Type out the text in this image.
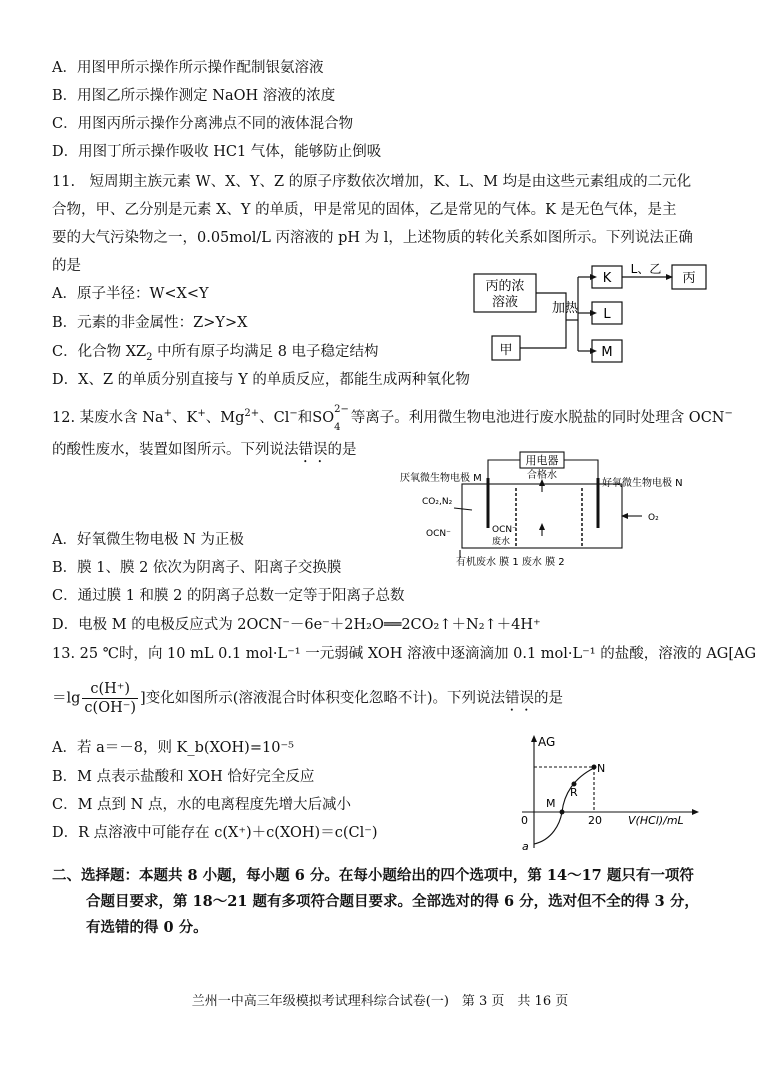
A．用图甲所示操作所示操作配制银氨溶液
B．用图乙所示操作测定 NaOH 溶液的浓度
C．用图丙所示操作分离沸点不同的液体混合物
D．用图丁所示操作吸收 HC1 气体，能够防止倒吸
11.　短周期主族元素 W、X、Y、Z 的原子序数依次增加，K、L、M 均是由这些元素组成的二元化
合物，甲、乙分别是元素 X、Y 的单质，甲是常见的固体，乙是常见的气体。K 是无色气体，是主
要的大气污染物之一，0.05mol/L 丙溶液的 pH 为 l，上述物质的转化关系如图所示。下列说法正确
的是
A．原子半径：W<X<Y
B．元素的非金属性：Z>Y>X
C．化合物 $XZ_2$ 中所有原子均满足 8 电子稳定结构
D．X、Z 的单质分别直接与 Y 的单质反应，都能生成两种氧化物
丙的浓
溶液
甲
加热
K
L
M
L、乙
丙
12. 某废水含 Na+、K+、$Mg^{2+}$、Cl−和SO
2−
4
等离子。利用微生物电池进行废水脱盐的同时处理含 OCN−
的酸性废水，装置如图所示。下列说法错误的是
用电器
厌氧微生物电极 M	好氧微生物电极 N
CO₂,N₂
OCN⁻	OCN⁻
废水
合格水
O₂
有机废水 膜 1 废水 膜 2
A．好氧微生物电极 N 为正极
B．膜 1、膜 2 依次为阴离子、阳离子交换膜
C．通过膜 1 和膜 2 的阴离子总数一定等于阳离子总数
D．电极 M 的电极反应式为 2OCN⁻－6e⁻＋2H₂O══2CO₂↑＋N₂↑＋4H⁺
13. 25 ℃时，向 10 mL 0.1 mol·L⁻¹ 一元弱碱 XOH 溶液中逐滴滴加 0.1 mol·L⁻¹ 的盐酸，溶液的 AG[AG
$=\lg \frac{c(H^+)}{c(OH^-)}$ ]变化如图所示(溶液混合时体积变化忽略不计)。下列说法错误的是
A．若 a＝－8，则 K_b(XOH)=10⁻⁵
B．M 点表示盐酸和 XOH 恰好完全反应
C．M 点到 N 点，水的电离程度先增大后减小
D．R 点溶液中可能存在 c(X⁺)＋c(XOH)＝c(Cl⁻)
AG
V(HCl)/mL
0	20
a
M
R
N
二、选择题：本题共 8 小题，每小题 6 分。在每小题给出的四个选项中，第 14～17 题只有一项符
合题目要求，第 18～21 题有多项符合题目要求。全部选对的得 6 分，选对但不全的得 3 分，
有选错的得 0 分。
兰州一中高三年级模拟考试理科综合试卷(一)　第 3 页　共 16 页
